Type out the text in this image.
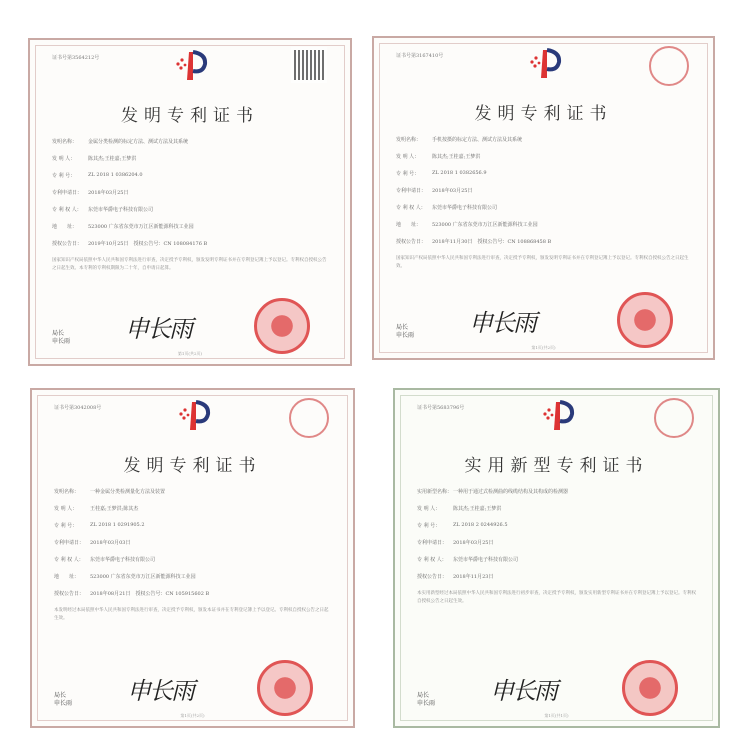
证书号第3564212号
发明专利证书
发明名称：	金属分类检测的标定方法、测试方法及其系统
发 明 人：	陈其杰;王桂嘉;王梦洪
专 利 号：	ZL 2018 1 0386204.0
专利申请日：	2018年03月25日
专 利 权 人：	东莞市华爵电子科技有限公司
地　　址：	523000 广东省东莞市万江区新能源科技工业园
授权公告日：	2019年10月25日　授权公告号：CN 108084176 B
国家知识产权局依照中华人民共和国专利法进行审查，决定授予专利权，颁发发明专利证书并在专利登记簿上予以登记。专利权自授权公告之日起生效。本专利的专利权期限为二十年，自申请日起算。
局长
申长雨 申长雨
第1页(共2页)
证书号第3167410号
发明专利证书
发明名称：	手机按摄的标定方法、测试方法及其系统
发 明 人：	陈其杰;王桂嘉;王梦洪
专 利 号：	ZL 2018 1 0382656.9
专利申请日：	2018年03月25日
专 利 权 人：	东莞市华爵电子科技有限公司
地　　址：	523000 广东省东莞市万江区新能源科技工业园
授权公告日：	2018年11月30日　授权公告号：CN 108868458 B
国家知识产权局依照中华人民共和国专利法进行审查，决定授予专利权，颁发发明专利证书并在专利登记簿上予以登记。专利权自授权公告之日起生效。
局长
申长雨 申长雨
第1页(共2页)
证书号第3042008号
发明专利证书
发明名称：	一种金属分类检测量化方法及装置
发 明 人：	王桂嘉;王梦洪;陈其杰
专 利 号：	ZL 2018 1 0291905.2
专利申请日：	2018年03月03日
专 利 权 人：	东莞市华爵电子科技有限公司
地　　址：	523000 广东省东莞市万江区新能源科技工业园
授权公告日：	2018年08月21日　授权公告号：CN 105915602 B
本发明经过本局依照中华人民共和国专利法进行审查，决定授予专利权，颁发本证书并在专利登记簿上予以登记。专利权自授权公告之日起生效。
局长
申长雨 申长雨
第1页(共2页)
证书号第5683796号
实用新型专利证书
实用新型名称： 一种用于通过式检测曲的线缆结构及其构成的检测器
发 明 人：	陈其杰;王桂嘉;王梦洪
专 利 号：	ZL 2018 2 0244926.5
专利申请日：	2018年03月25日
专 利 权 人：	东莞市华爵电子科技有限公司
授权公告日：	2018年11月23日
本实用新型经过本局依照中华人民共和国专利法进行初步审查，决定授予专利权，颁发实用新型专利证书并在专利登记簿上予以登记。专利权自授权公告之日起生效。
局长
申长雨 申长雨
第1页(共1页)
